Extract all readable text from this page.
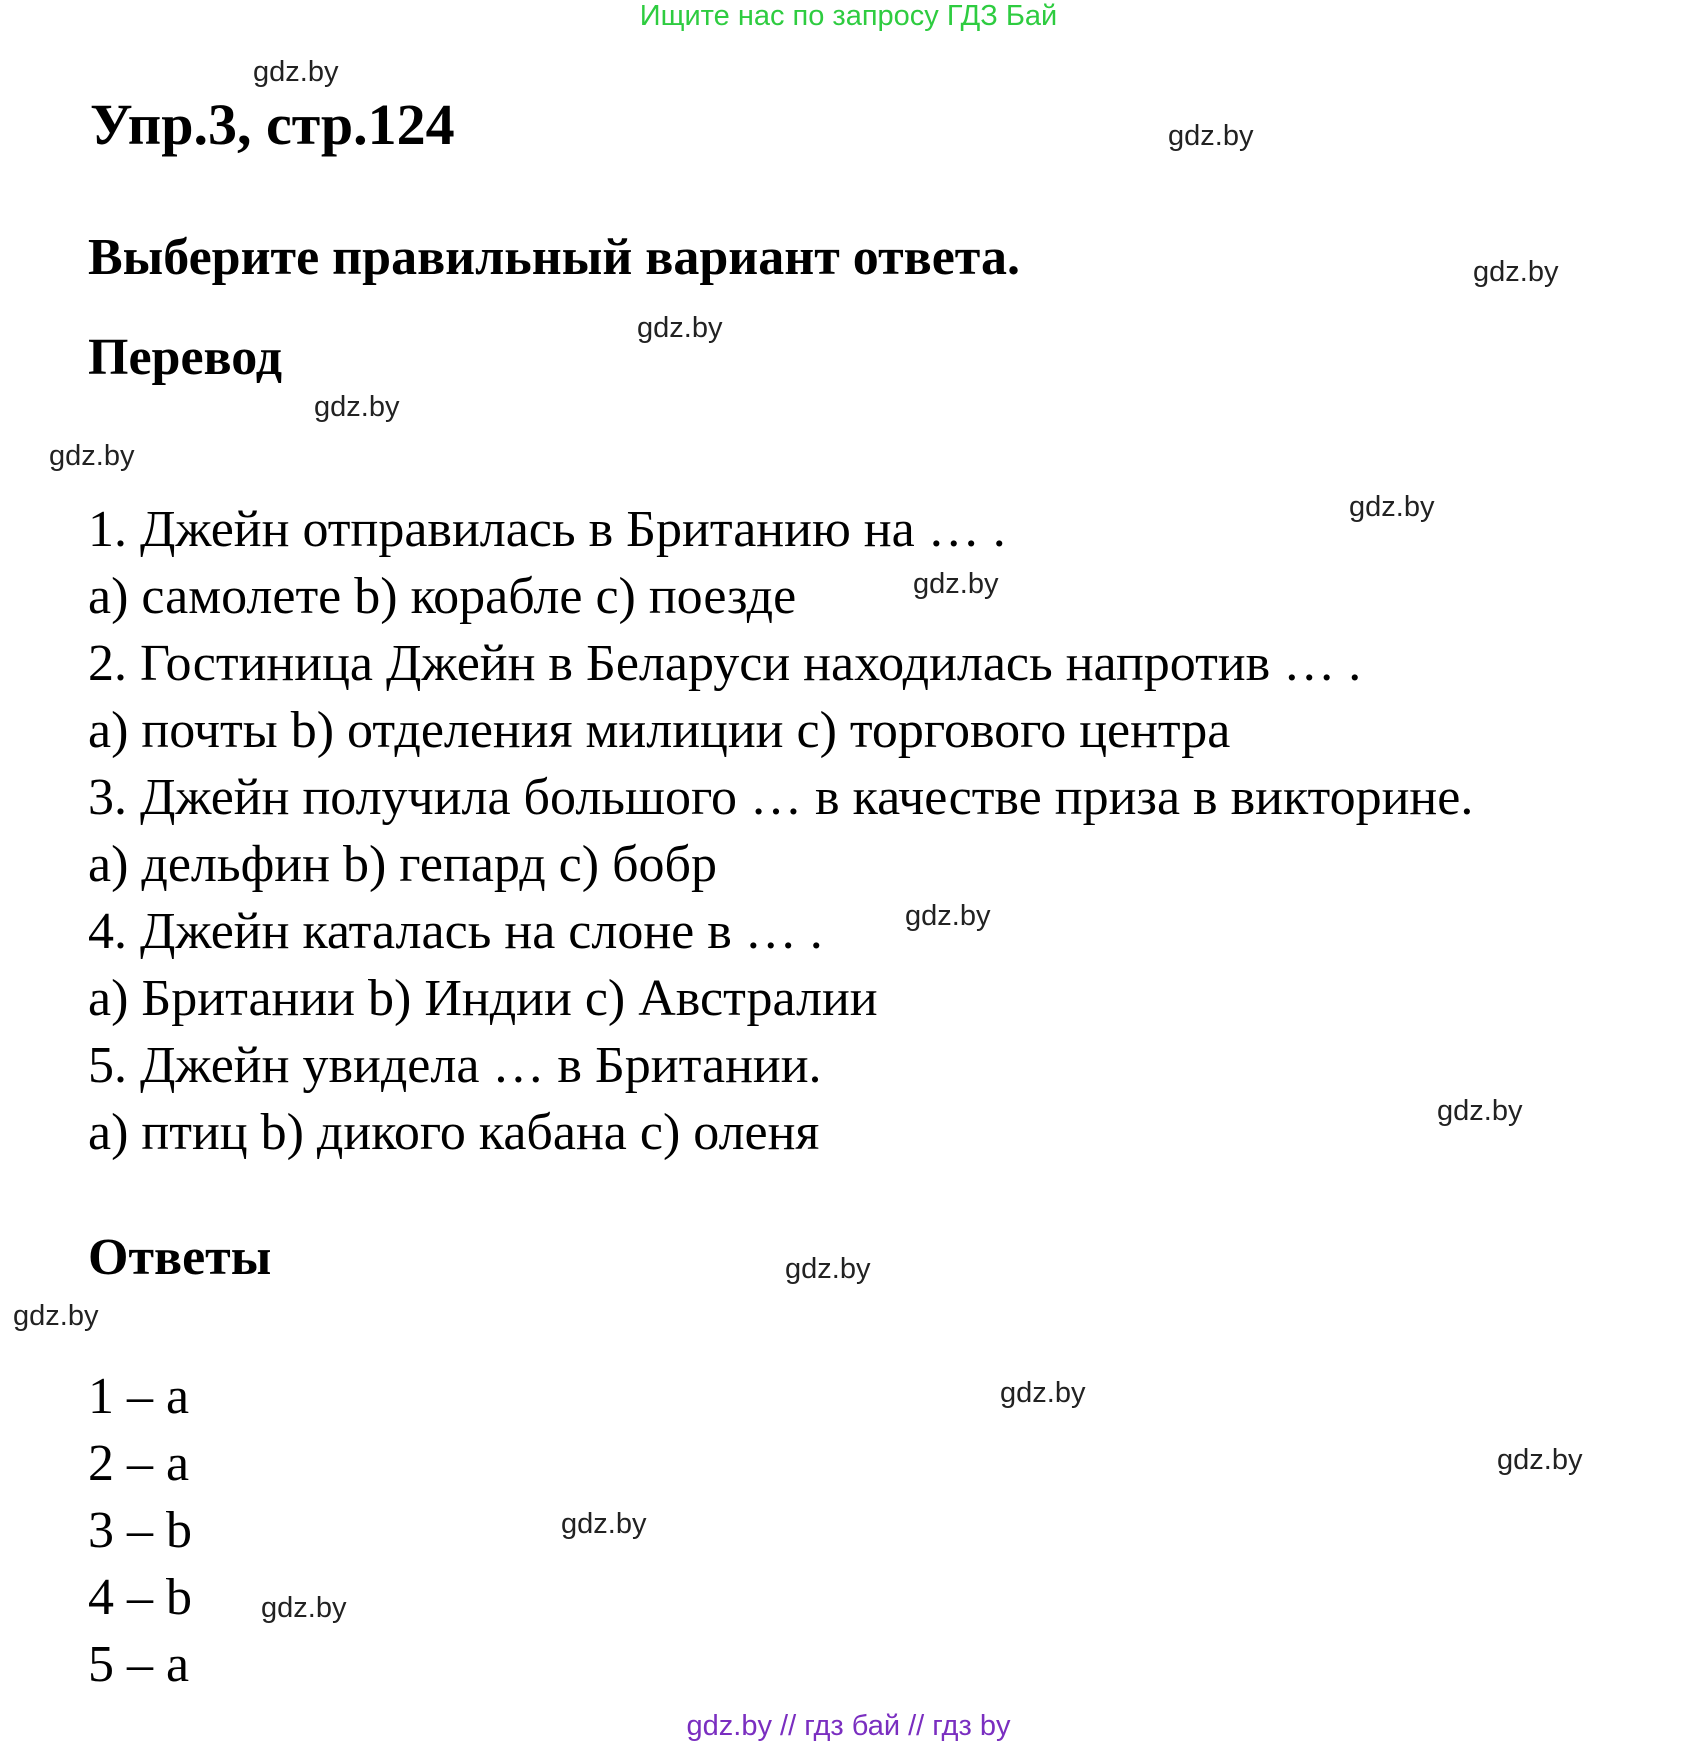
Ищите нас по запросу ГДЗ Бай
Упр.3, стр.124
Выберите правильный вариант ответа.
Перевод
1. Джейн отправилась в Британию на … .
a) самолете b) корабле c) поезде
2. Гостиница Джейн в Беларуси находилась напротив … .
a) почты b) отделения милиции c) торгового центра
3. Джейн получила большого … в качестве приза в викторине.
a) дельфин b) гепард c) бобр
4. Джейн каталась на слоне в … .
a) Британии b) Индии c) Австралии
5. Джейн увидела … в Британии.
a) птиц b) дикого кабана c) оленя
Ответы
1 – a
2 – a
3 – b
4 – b
5 – a
gdz.by
gdz.by
gdz.by
gdz.by
gdz.by
gdz.by
gdz.by
gdz.by
gdz.by
gdz.by
gdz.by
gdz.by
gdz.by
gdz.by
gdz.by
gdz.by
gdz.by // гдз бай // гдз by
